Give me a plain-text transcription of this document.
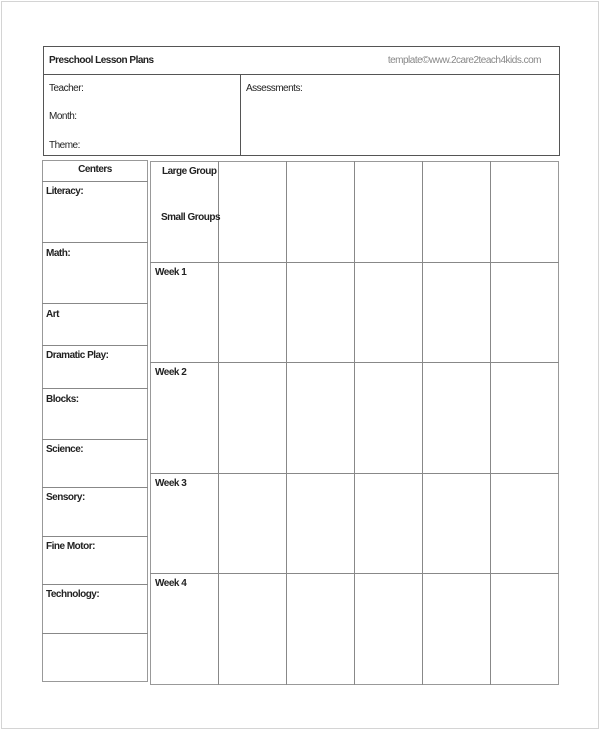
Preschool Lesson Plans	template©www.2care2teach4kids.com
Teacher:
Month:
Theme:
Assessments:
Centers
Literacy:
Math:
Art
Dramatic Play:
Blocks:
Science:
Sensory:
Fine Motor:
Technology:
Large Group
Small Groups
Week 1
Week 2
Week 3
Week 4
